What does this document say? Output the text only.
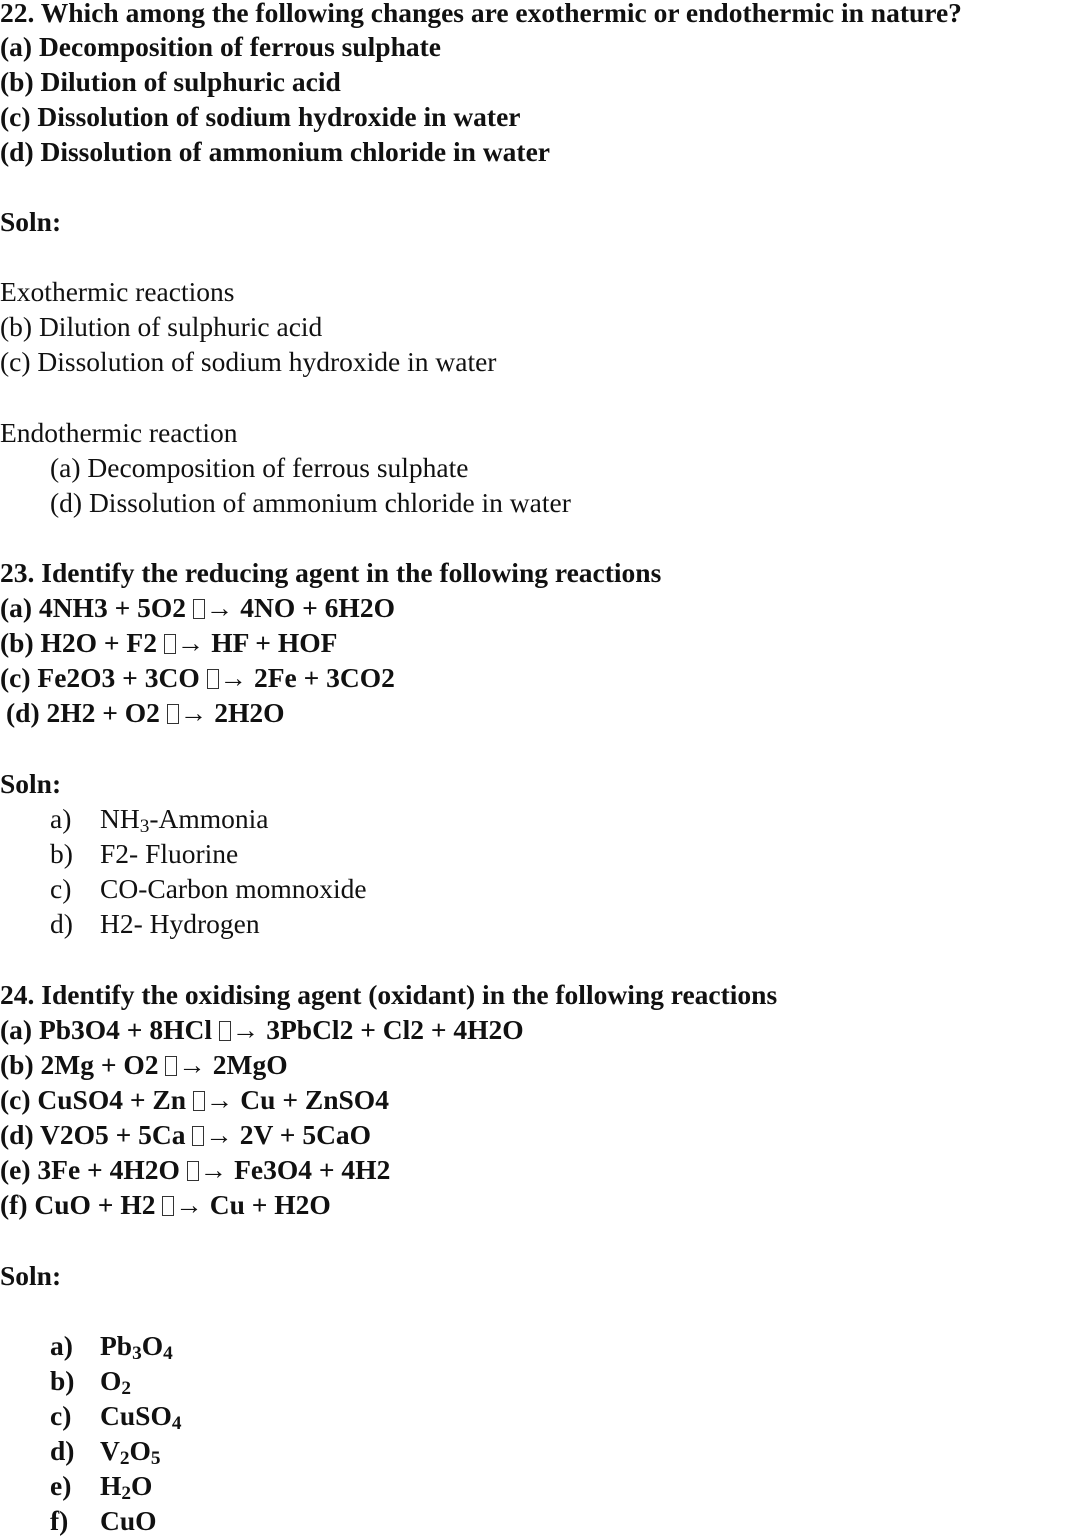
22. Which among the following changes are exothermic or endothermic in nature?
(a) Decomposition of ferrous sulphate
(b) Dilution of sulphuric acid
(c) Dissolution of sodium hydroxide in water
(d) Dissolution of ammonium chloride in water
Soln:
Exothermic reactions
(b) Dilution of sulphuric acid
(c) Dissolution of sodium hydroxide in water
Endothermic reaction
(a) Decomposition of ferrous sulphate
(d) Dissolution of ammonium chloride in water
23. Identify the reducing agent in the following reactions
(a) 4NH3 + 5O2 → 4NO + 6H2O
(b) H2O + F2 → HF + HOF
(c) Fe2O3 + 3CO → 2Fe + 3CO2
(d) 2H2 + O2 → 2H2O
Soln:
a) $NH_3$-Ammonia
b) F2- Fluorine
c) CO-Carbon momnoxide
d) H2- Hydrogen
24. Identify the oxidising agent (oxidant) in the following reactions
(a) Pb3O4 + 8HCl → 3PbCl2 + Cl2 + 4H2O
(b) 2Mg + O2 → 2MgO
(c) CuSO4 + Zn → Cu + ZnSO4
(d) V2O5 + 5Ca → 2V + 5CaO
(e) 3Fe + 4H2O → Fe3O4 + 4H2
(f) CuO + H2 → Cu + H2O
Soln:
a) $Pb_3O_4$
b) $O_2$
c) CuSO$_4$
d) $V_2O_5$
e) $H_2O$
f) CuO
